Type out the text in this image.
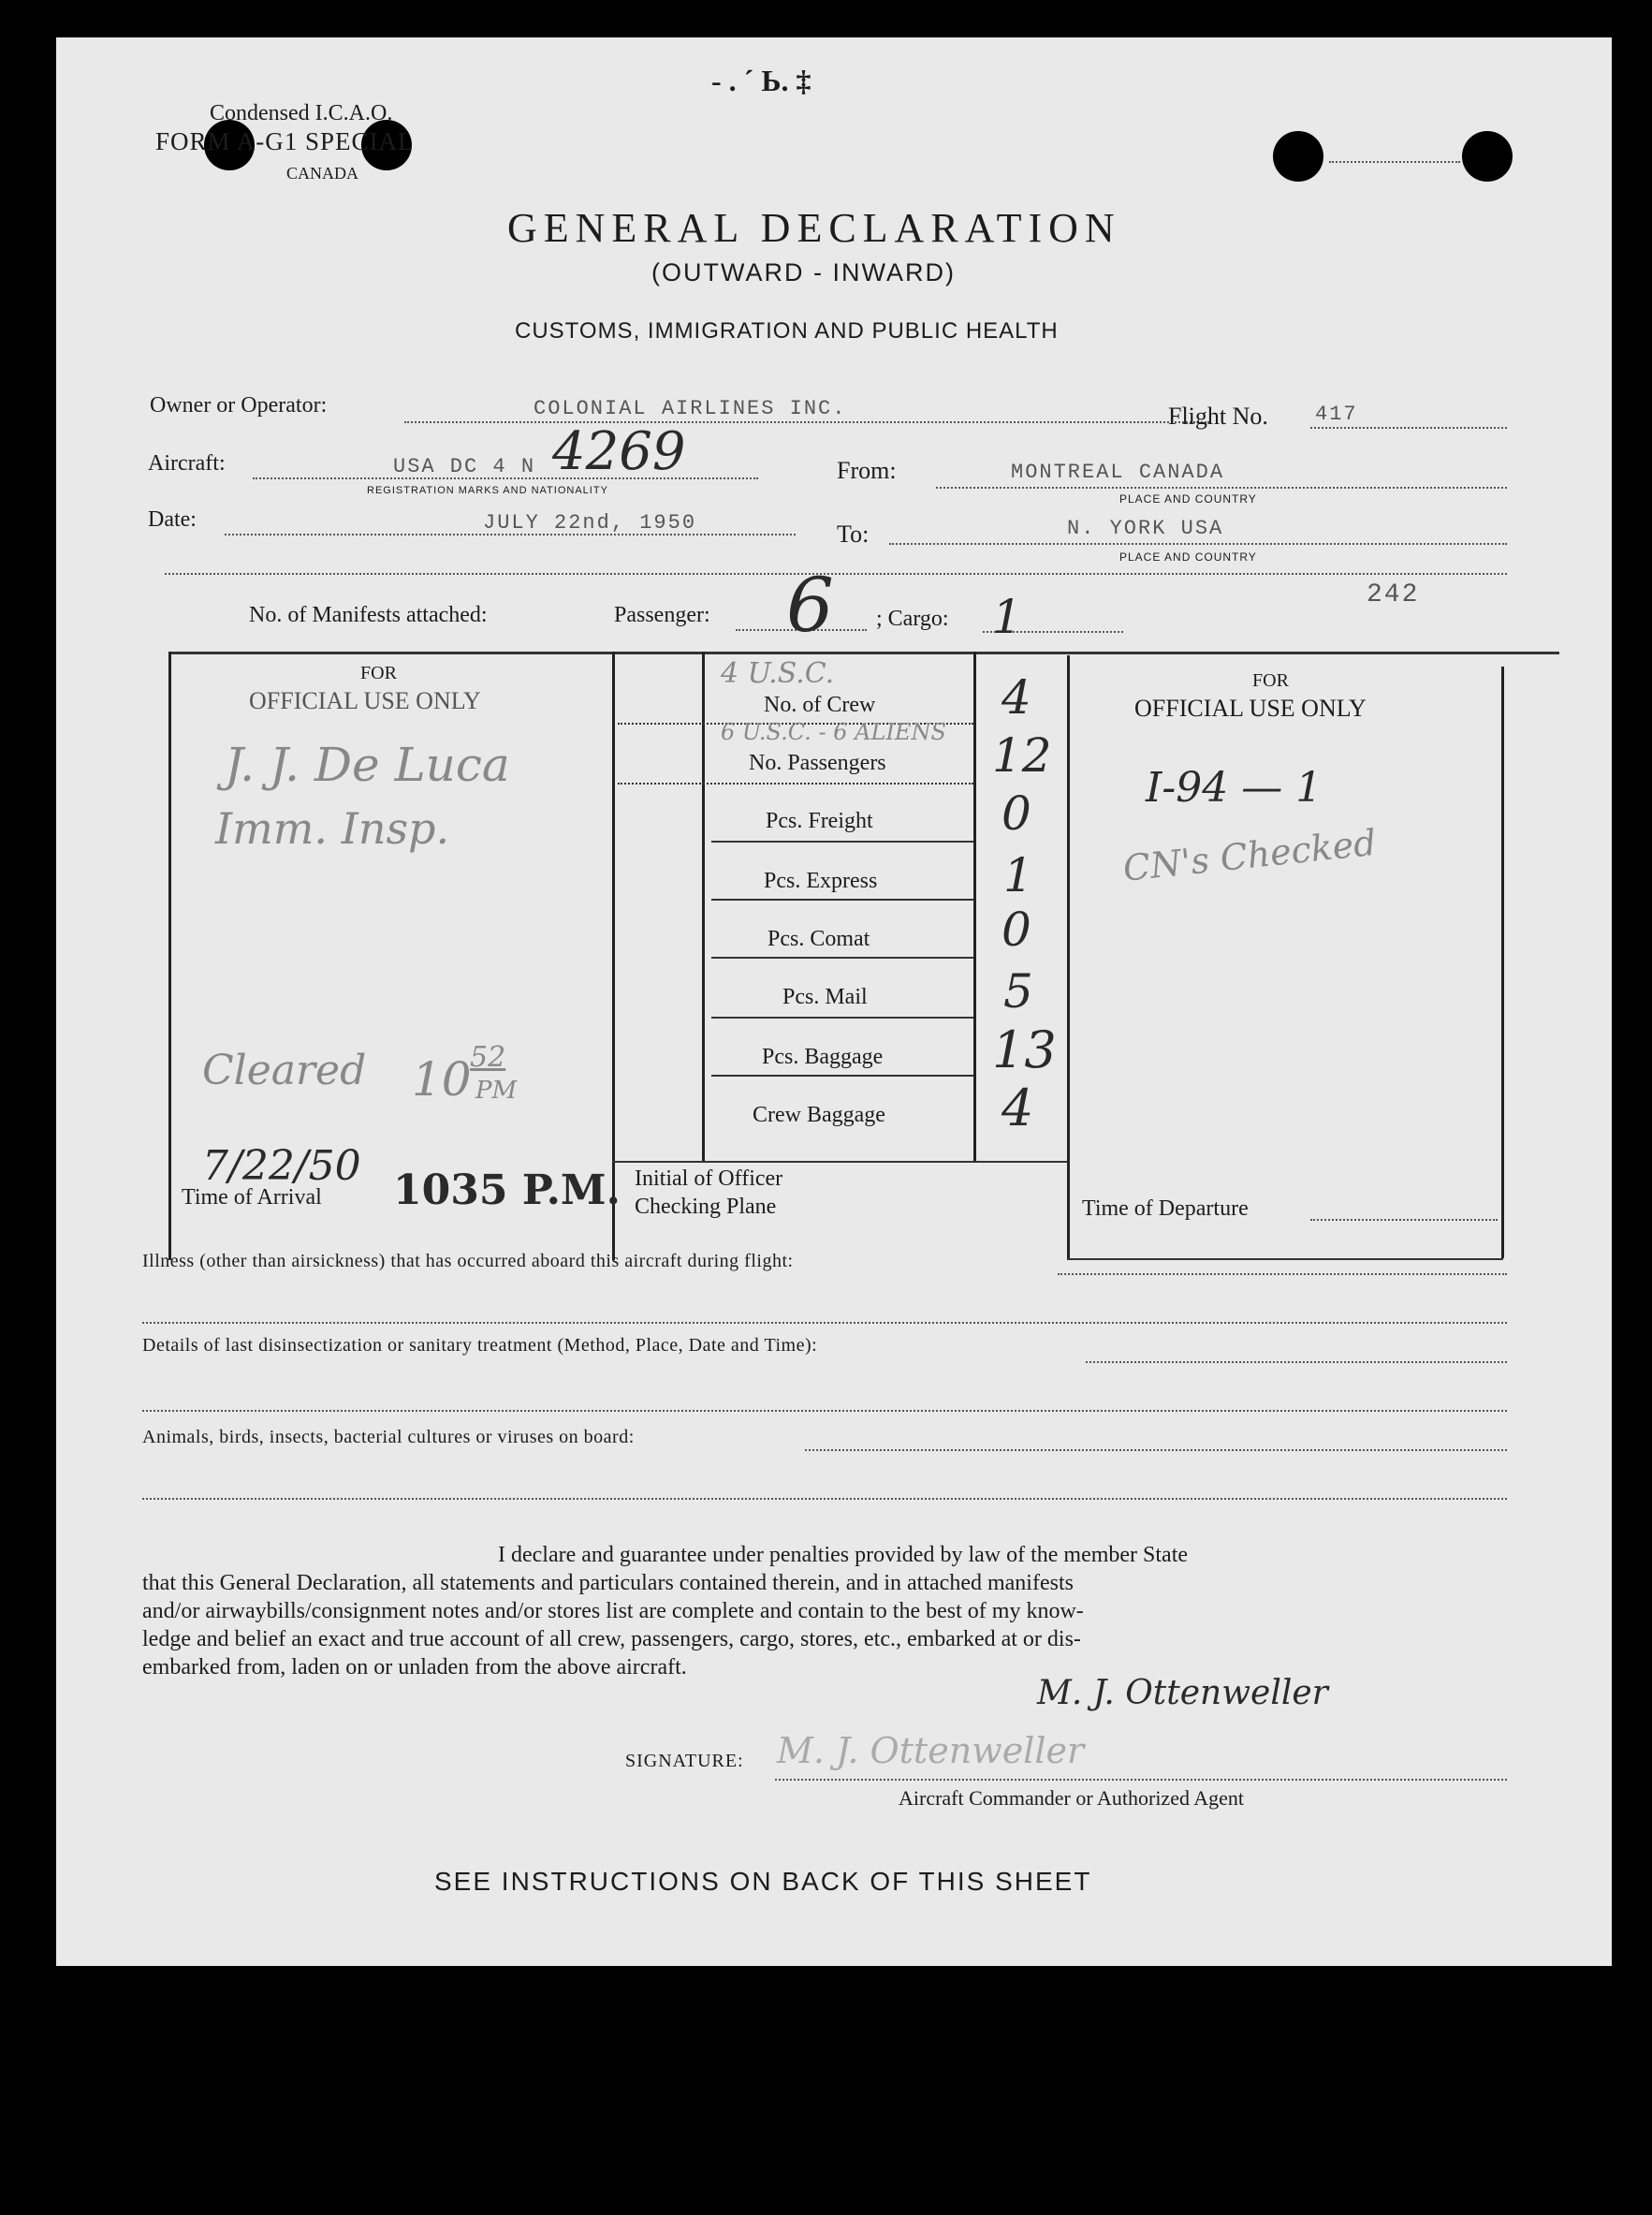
- . ˊ Ь. ‡
Condensed I.C.A.O.
FORM A-G1 SPECIAL
CANADA
GENERAL DECLARATION
(OUTWARD - INWARD)
CUSTOMS, IMMIGRATION AND PUBLIC HEALTH
Owner or Operator:	COLONIAL AIRLINES INC.	Flight No. 417
Aircraft:	USA DC 4 N 4269
REGISTRATION MARKS AND NATIONALITY
From:	MONTREAL CANADA
PLACE AND COUNTRY
Date:	JULY 22nd, 1950	To:	N. YORK USA
PLACE AND COUNTRY
No. of Manifests attached:	Passenger: 6 ; Cargo: 1	242
FOR
OFFICIAL USE ONLY
J. J. De Luca
Imm. Insp.
Cleared 10
52
PM
7/22/50
Time of Arrival 1035 P.M.
4 U.S.C.
No. of Crew	4
6 U.S.C. - 6 ALIENS
No. Passengers 12
Pcs. Freight	0
Pcs. Express	1
Pcs. Comat	0
Pcs. Mail	5
Pcs. Baggage 13
Crew Baggage 4
Initial of Officer
Checking Plane
FOR
OFFICIAL USE ONLY
I-94 — 1
CN's Checked
Time of Departure
Illness (other than airsickness) that has occurred aboard this aircraft during flight:
Details of last disinsectization or sanitary treatment (Method, Place, Date and Time):
Animals, birds, insects, bacterial cultures or viruses on board:
I declare and guarantee under penalties provided by law of the member State
that this General Declaration, all statements and particulars contained therein, and in attached manifests
and/or airwaybills/consignment notes and/or stores list are complete and contain to the best of my know-
ledge and belief an exact and true account of all crew, passengers, cargo, stores, etc., embarked at or dis-
embarked from, laden on or unladen from the above aircraft.
M. J. Ottenweller
SIGNATURE: M. J. Ottenweller
Aircraft Commander or Authorized Agent
SEE INSTRUCTIONS ON BACK OF THIS SHEET
